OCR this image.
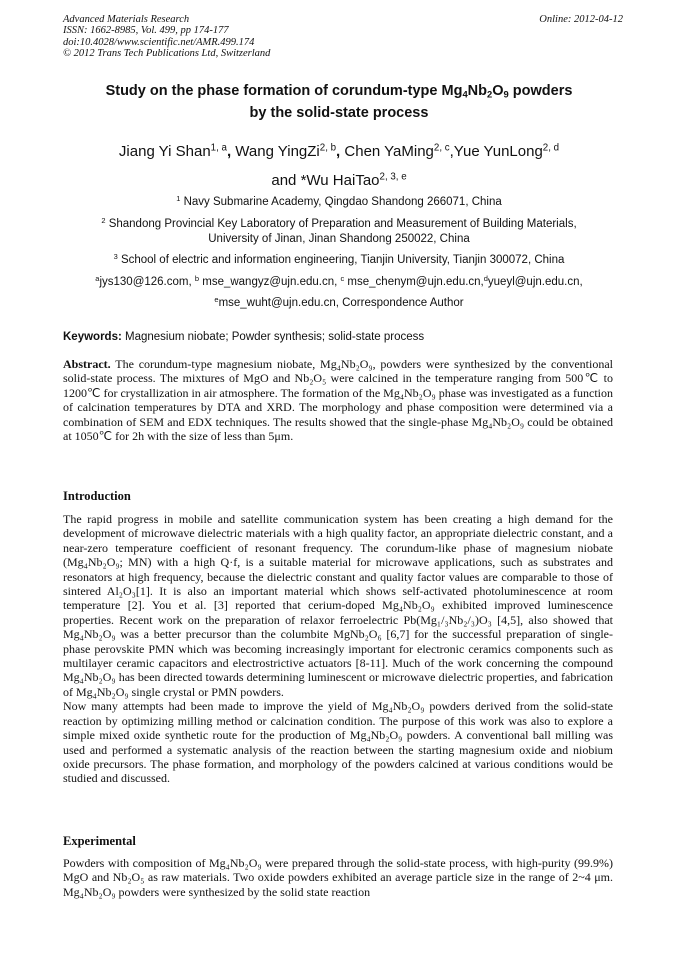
Advanced Materials Research
ISSN: 1662-8985, Vol. 499, pp 174-177
doi:10.4028/www.scientific.net/AMR.499.174
© 2012 Trans Tech Publications Ltd, Switzerland
Online: 2012-04-12
Study on the phase formation of corundum-type $Mg_4Nb_2O_9$ powders
by the solid-state process
Jiang Yi Shan$^{1, a}$, Wang YingZi$^{2, b}$, Chen YaMing$^{2, c}$,Yue YunLong$^{2, d}$
and *Wu HaiTao$^{2, 3, e}$
$^1$ Navy Submarine Academy, Qingdao Shandong 266071, China
$^2$ Shandong Provincial Key Laboratory of Preparation and Measurement of Building Materials,
University of Jinan, Jinan Shandong 250022, China
$^3$ School of electric and information engineering, Tianjin University, Tianjin 300072, China
$^a$jys130@126.com, $^b$ mse_wangyz@ujn.edu.cn, $^c$ mse_chenym@ujn.edu.cn,$^d$yueyl@ujn.edu.cn,
$^e$mse_wuht@ujn.edu.cn, Correspondence Author
Keywords: Magnesium niobate; Powder synthesis; solid-state process
Abstract. The corundum-type magnesium niobate, Mg₄Nb₂O₉, powders were synthesized by the conventional solid-state process. The mixtures of MgO and Nb₂O₅ were calcined in the temperature ranging from 500℃ to 1200℃ for crystallization in air atmosphere. The formation of the Mg₄Nb₂O₉ phase was investigated as a function of calcination temperatures by DTA and XRD. The morphology and phase composition were determined via a combination of SEM and EDX techniques. The results showed that the single-phase Mg₄Nb₂O₉ could be obtained at 1050℃ for 2h with the size of less than 5μm.
Introduction

The rapid progress in mobile and satellite communication system has been creating a high demand for the development of microwave dielectric materials with a high quality factor, an appropriate dielectric constant, and a near-zero temperature coefficient of resonant frequency. The corundum-like phase of magnesium niobate (Mg₄Nb₂O₉; MN) with a high Q·f, is a suitable material for microwave applications, such as substrates and resonators at high frequency, because the dielectric constant and quality factor values are comparable to those of sintered Al₂O₃[1]. It is also an important material which shows self-activated photoluminescence at room temperature [2]. You et al. [3] reported that cerium-doped Mg₄Nb₂O₉ exhibited improved luminescence properties. Recent work on the preparation of relaxor ferroelectric Pb(Mg₁/₃Nb₂/₃)O₃ [4,5], also showed that Mg₄Nb₂O₉ was a better precursor than the columbite MgNb₂O₆ [6,7] for the successful preparation of single-phase perovskite PMN which was becoming increasingly important for electronic ceramics components such as multilayer ceramic capacitors and electrostrictive actuators [8-11]. Much of the work concerning the compound Mg₄Nb₂O₉ has been directed towards determining luminescent or microwave dielectric properties, and fabrication of Mg₄Nb₂O₉ single crystal or PMN powders.

Now many attempts had been made to improve the yield of Mg₄Nb₂O₉ powders derived from the solid-state reaction by optimizing milling method or calcination condition. The purpose of this work was also to explore a simple mixed oxide synthetic route for the production of Mg₄Nb₂O₉ powders. A conventional ball milling was used and performed a systematic analysis of the reaction between the starting magnesium oxide and niobium oxide precursors. The phase formation, and morphology of the powders calcined at various conditions would be studied and discussed.

Experimental

Powders with composition of Mg₄Nb₂O₉ were prepared through the solid-state process, with high-purity (99.9%) MgO and Nb₂O₅ as raw materials. Two oxide powders exhibited an average particle size in the range of 2~4 μm. Mg₄Nb₂O₉ powders were synthesized by the solid state reaction
